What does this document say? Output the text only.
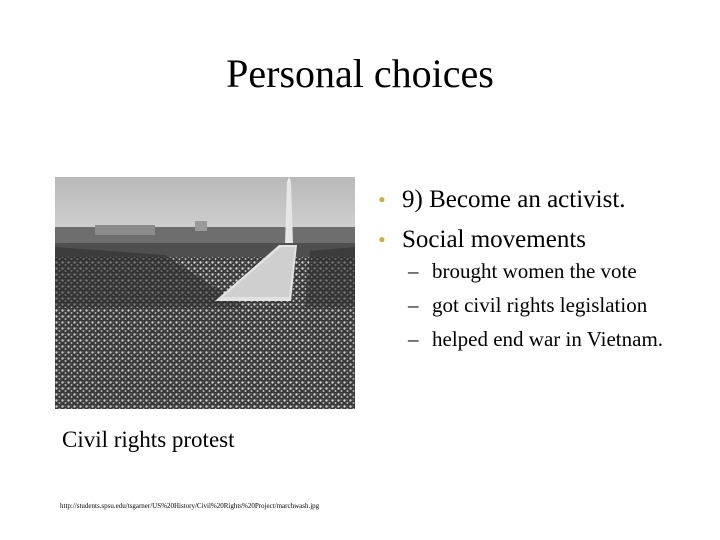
Personal choices
Civil rights protest
http://students.spsu.edu/tsgarner/US%20History/Civil%20Rights%20Project/marchwash.jpg
• 9) Become an activist.
• Social movements
– brought women the vote
– got civil rights legislation
– helped end war in Vietnam.
